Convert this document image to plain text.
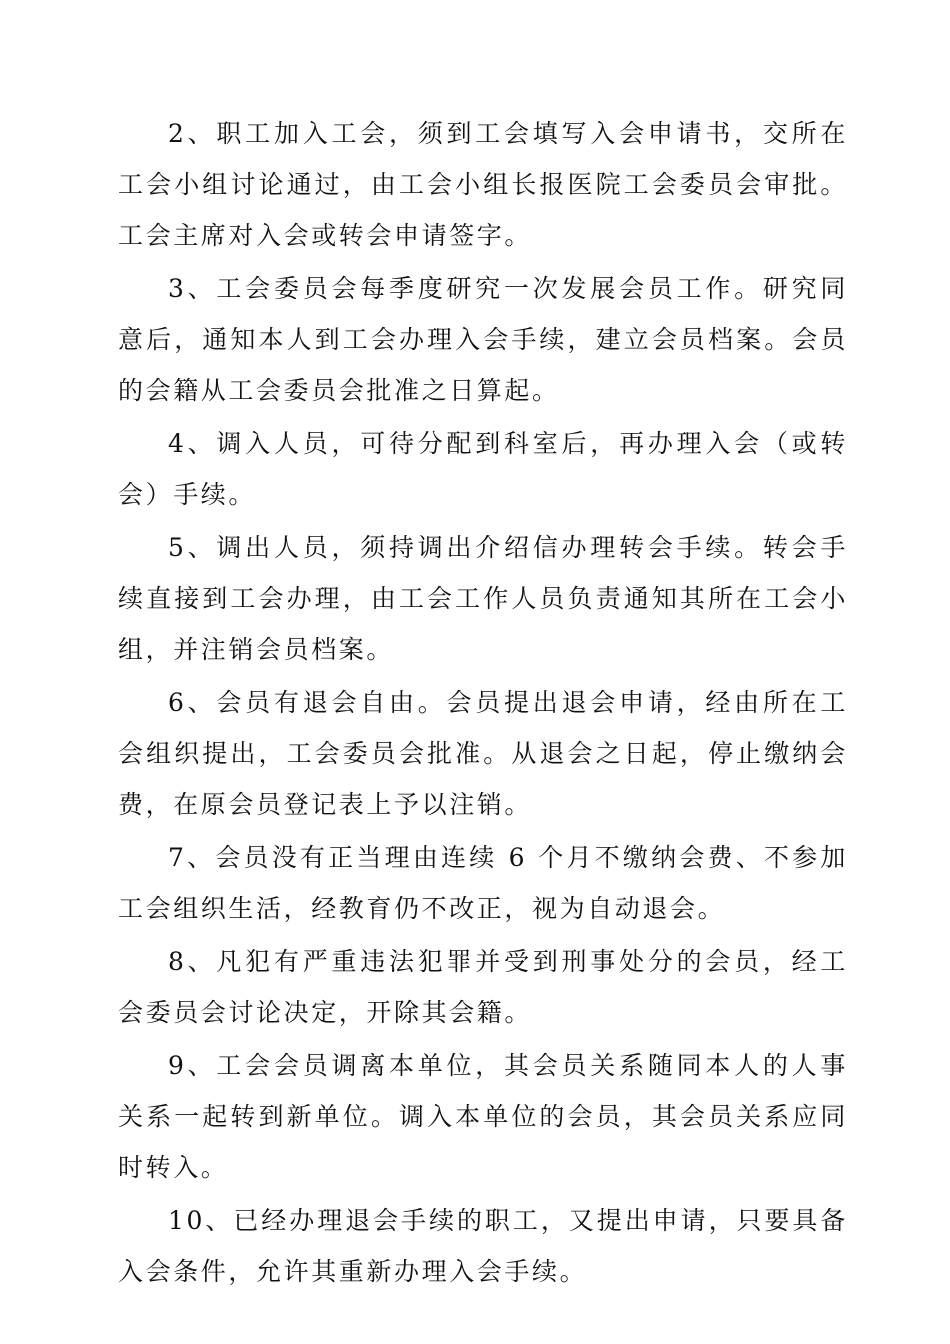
2、职工加入工会，须到工会填写入会申请书，交所在工会小组讨论通过，由工会小组长报医院工会委员会审批。工会主席对入会或转会申请签字。

3、工会委员会每季度研究一次发展会员工作。研究同意后，通知本人到工会办理入会手续，建立会员档案。会员的会籍从工会委员会批准之日算起。

4、调入人员，可待分配到科室后，再办理入会（或转会）手续。

5、调出人员，须持调出介绍信办理转会手续。转会手续直接到工会办理，由工会工作人员负责通知其所在工会小组，并注销会员档案。

6、会员有退会自由。会员提出退会申请，经由所在工会组织提出，工会委员会批准。从退会之日起，停止缴纳会费，在原会员登记表上予以注销。

7、会员没有正当理由连续 6 个月不缴纳会费、不参加工会组织生活，经教育仍不改正，视为自动退会。

8、凡犯有严重违法犯罪并受到刑事处分的会员，经工会委员会讨论决定，开除其会籍。

9、工会会员调离本单位，其会员关系随同本人的人事关系一起转到新单位。调入本单位的会员，其会员关系应同时转入。

10、已经办理退会手续的职工，又提出申请，只要具备入会条件，允许其重新办理入会手续。
